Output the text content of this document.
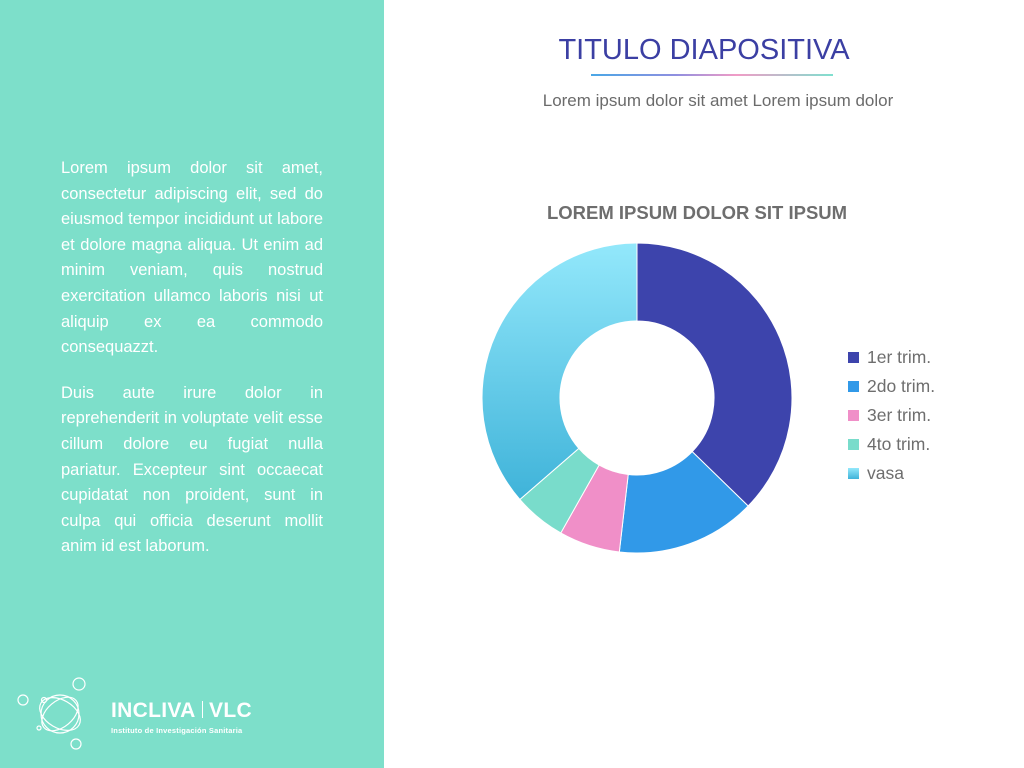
Lorem ipsum dolor sit amet, consectetur adipiscing elit, sed do eiusmod tempor incididunt ut labore et dolore magna aliqua. Ut enim ad minim veniam, quis nostrud exercitation ullamco laboris nisi ut aliquip ex ea commodo consequazzt.

Duis aute irure dolor in reprehenderit in voluptate velit esse cillum dolore eu fugiat nulla pariatur. Excepteur sint occaecat cupidatat non proident, sunt in culpa qui officia deserunt mollit anim id est laborum.

INCLIVA VLC
Instituto de Investigación Sanitaria
TITULO DIAPOSITIVA
Lorem ipsum dolor sit amet Lorem ipsum dolor
LOREM IPSUM DOLOR SIT IPSUM
1er trim.
2do trim.
3er trim.
4to trim.
vasa
